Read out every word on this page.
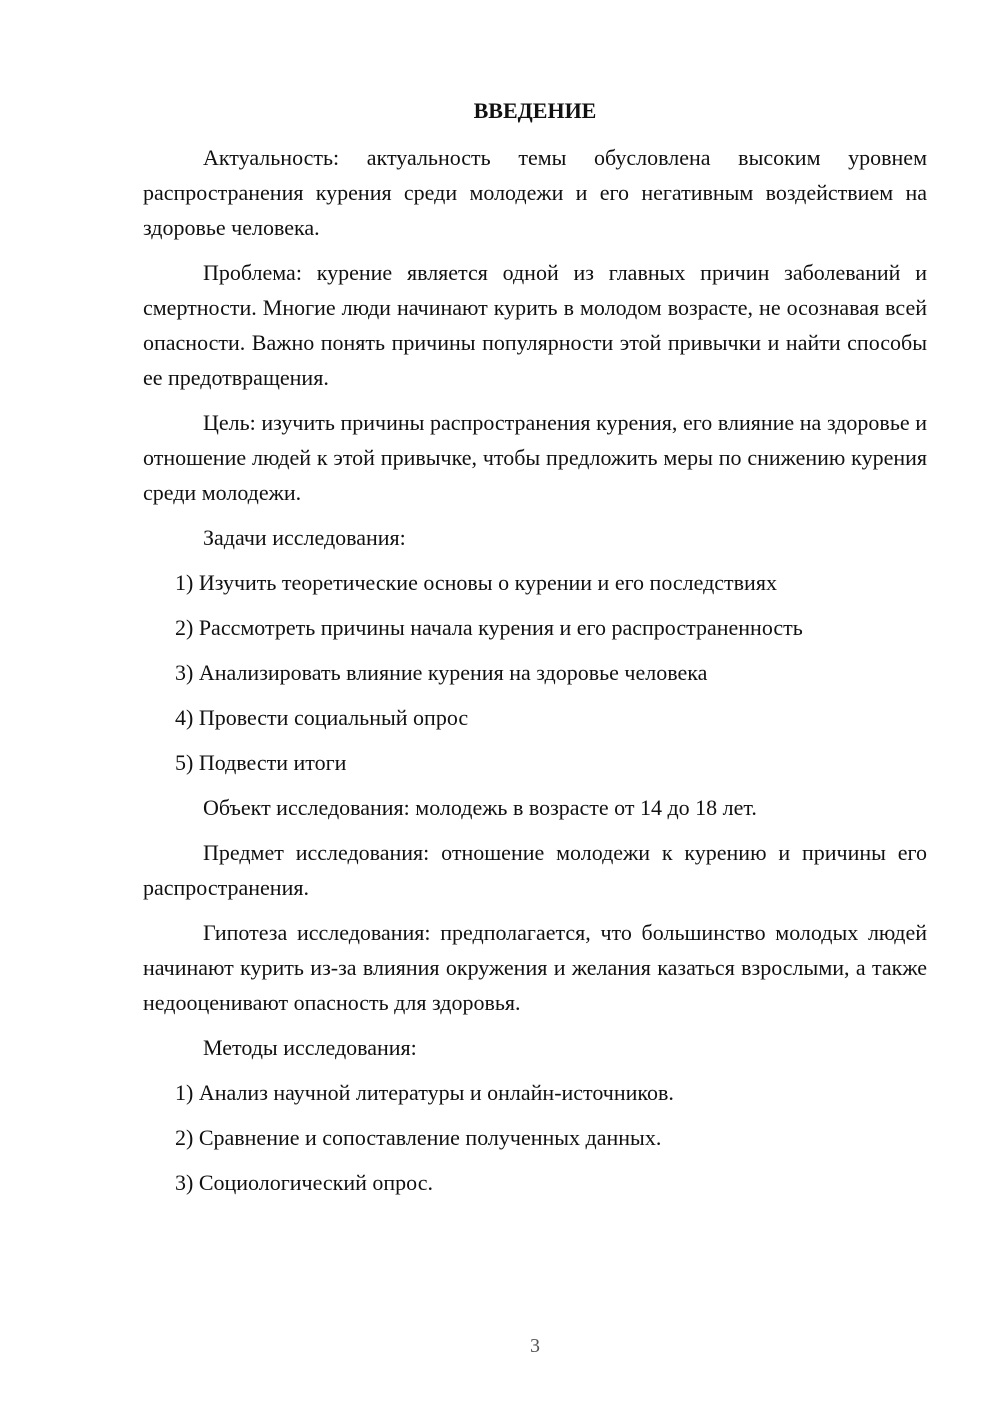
ВВЕДЕНИЕ

Актуальность: актуальность темы обусловлена высоким уровнем распространения курения среди молодежи и его негативным воздействием на здоровье человека.

Проблема: курение является одной из главных причин заболеваний и смертности. Многие люди начинают курить в молодом возрасте, не осознавая всей опасности. Важно понять причины популярности этой привычки и найти способы ее предотвращения.

Цель: изучить причины распространения курения, его влияние на здоровье и отношение людей к этой привычке, чтобы предложить меры по снижению курения среди молодежи.

Задачи исследования:
1) Изучить теоретические основы о курении и его последствиях
2) Рассмотреть причины начала курения и его распространенность
3) Анализировать влияние курения на здоровье человека
4) Провести социальный опрос
5) Подвести итоги

Объект исследования: молодежь в возрасте от 14 до 18 лет.

Предмет исследования: отношение молодежи к курению и причины его распространения.

Гипотеза исследования: предполагается, что большинство молодых людей начинают курить из-за влияния окружения и желания казаться взрослыми, а также недооценивают опасность для здоровья.

Методы исследования:
1) Анализ научной литературы и онлайн-источников.
2) Сравнение и сопоставление полученных данных.
3) Социологический опрос.
3
